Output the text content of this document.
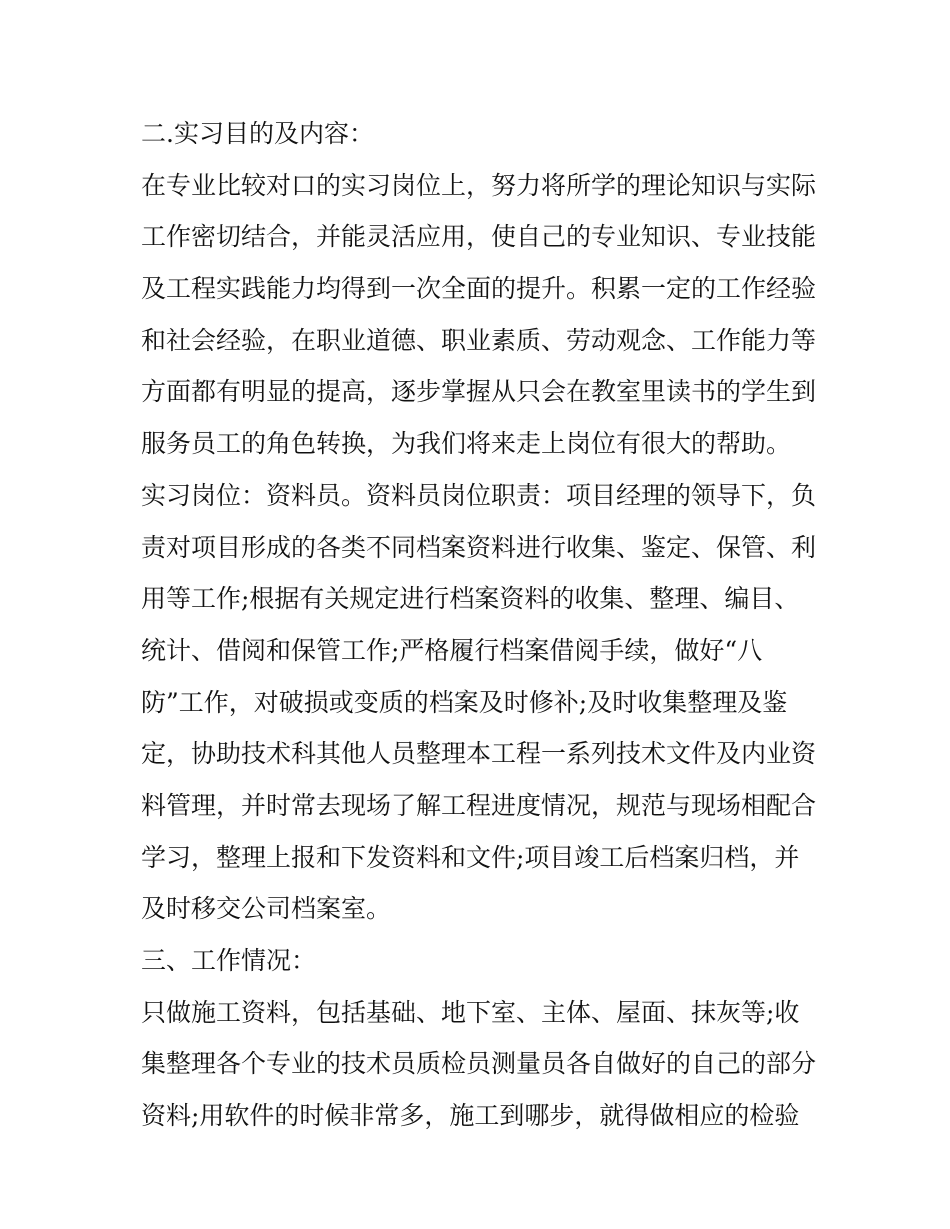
二.实习目的及内容：
在专业比较对口的实习岗位上，努力将所学的理论知识与实际
工作密切结合，并能灵活应用，使自己的专业知识、专业技能
及工程实践能力均得到一次全面的提升。积累一定的工作经验
和社会经验，在职业道德、职业素质、劳动观念、工作能力等
方面都有明显的提高，逐步掌握从只会在教室里读书的学生到
服务员工的角色转换，为我们将来走上岗位有很大的帮助。
实习岗位：资料员。资料员岗位职责：项目经理的领导下，负
责对项目形成的各类不同档案资料进行收集、鉴定、保管、利
用等工作;根据有关规定进行档案资料的收集、整理、编目、
统计、借阅和保管工作;严格履行档案借阅手续，做好“八
防”工作，对破损或变质的档案及时修补;及时收集整理及鉴
定，协助技术科其他人员整理本工程一系列技术文件及内业资
料管理，并时常去现场了解工程进度情况，规范与现场相配合
学习，整理上报和下发资料和文件;项目竣工后档案归档，并
及时移交公司档案室。
三、工作情况：
只做施工资料，包括基础、地下室、主体、屋面、抹灰等;收
集整理各个专业的技术员质检员测量员各自做好的自己的部分
资料;用软件的时候非常多，施工到哪步，就得做相应的检验
